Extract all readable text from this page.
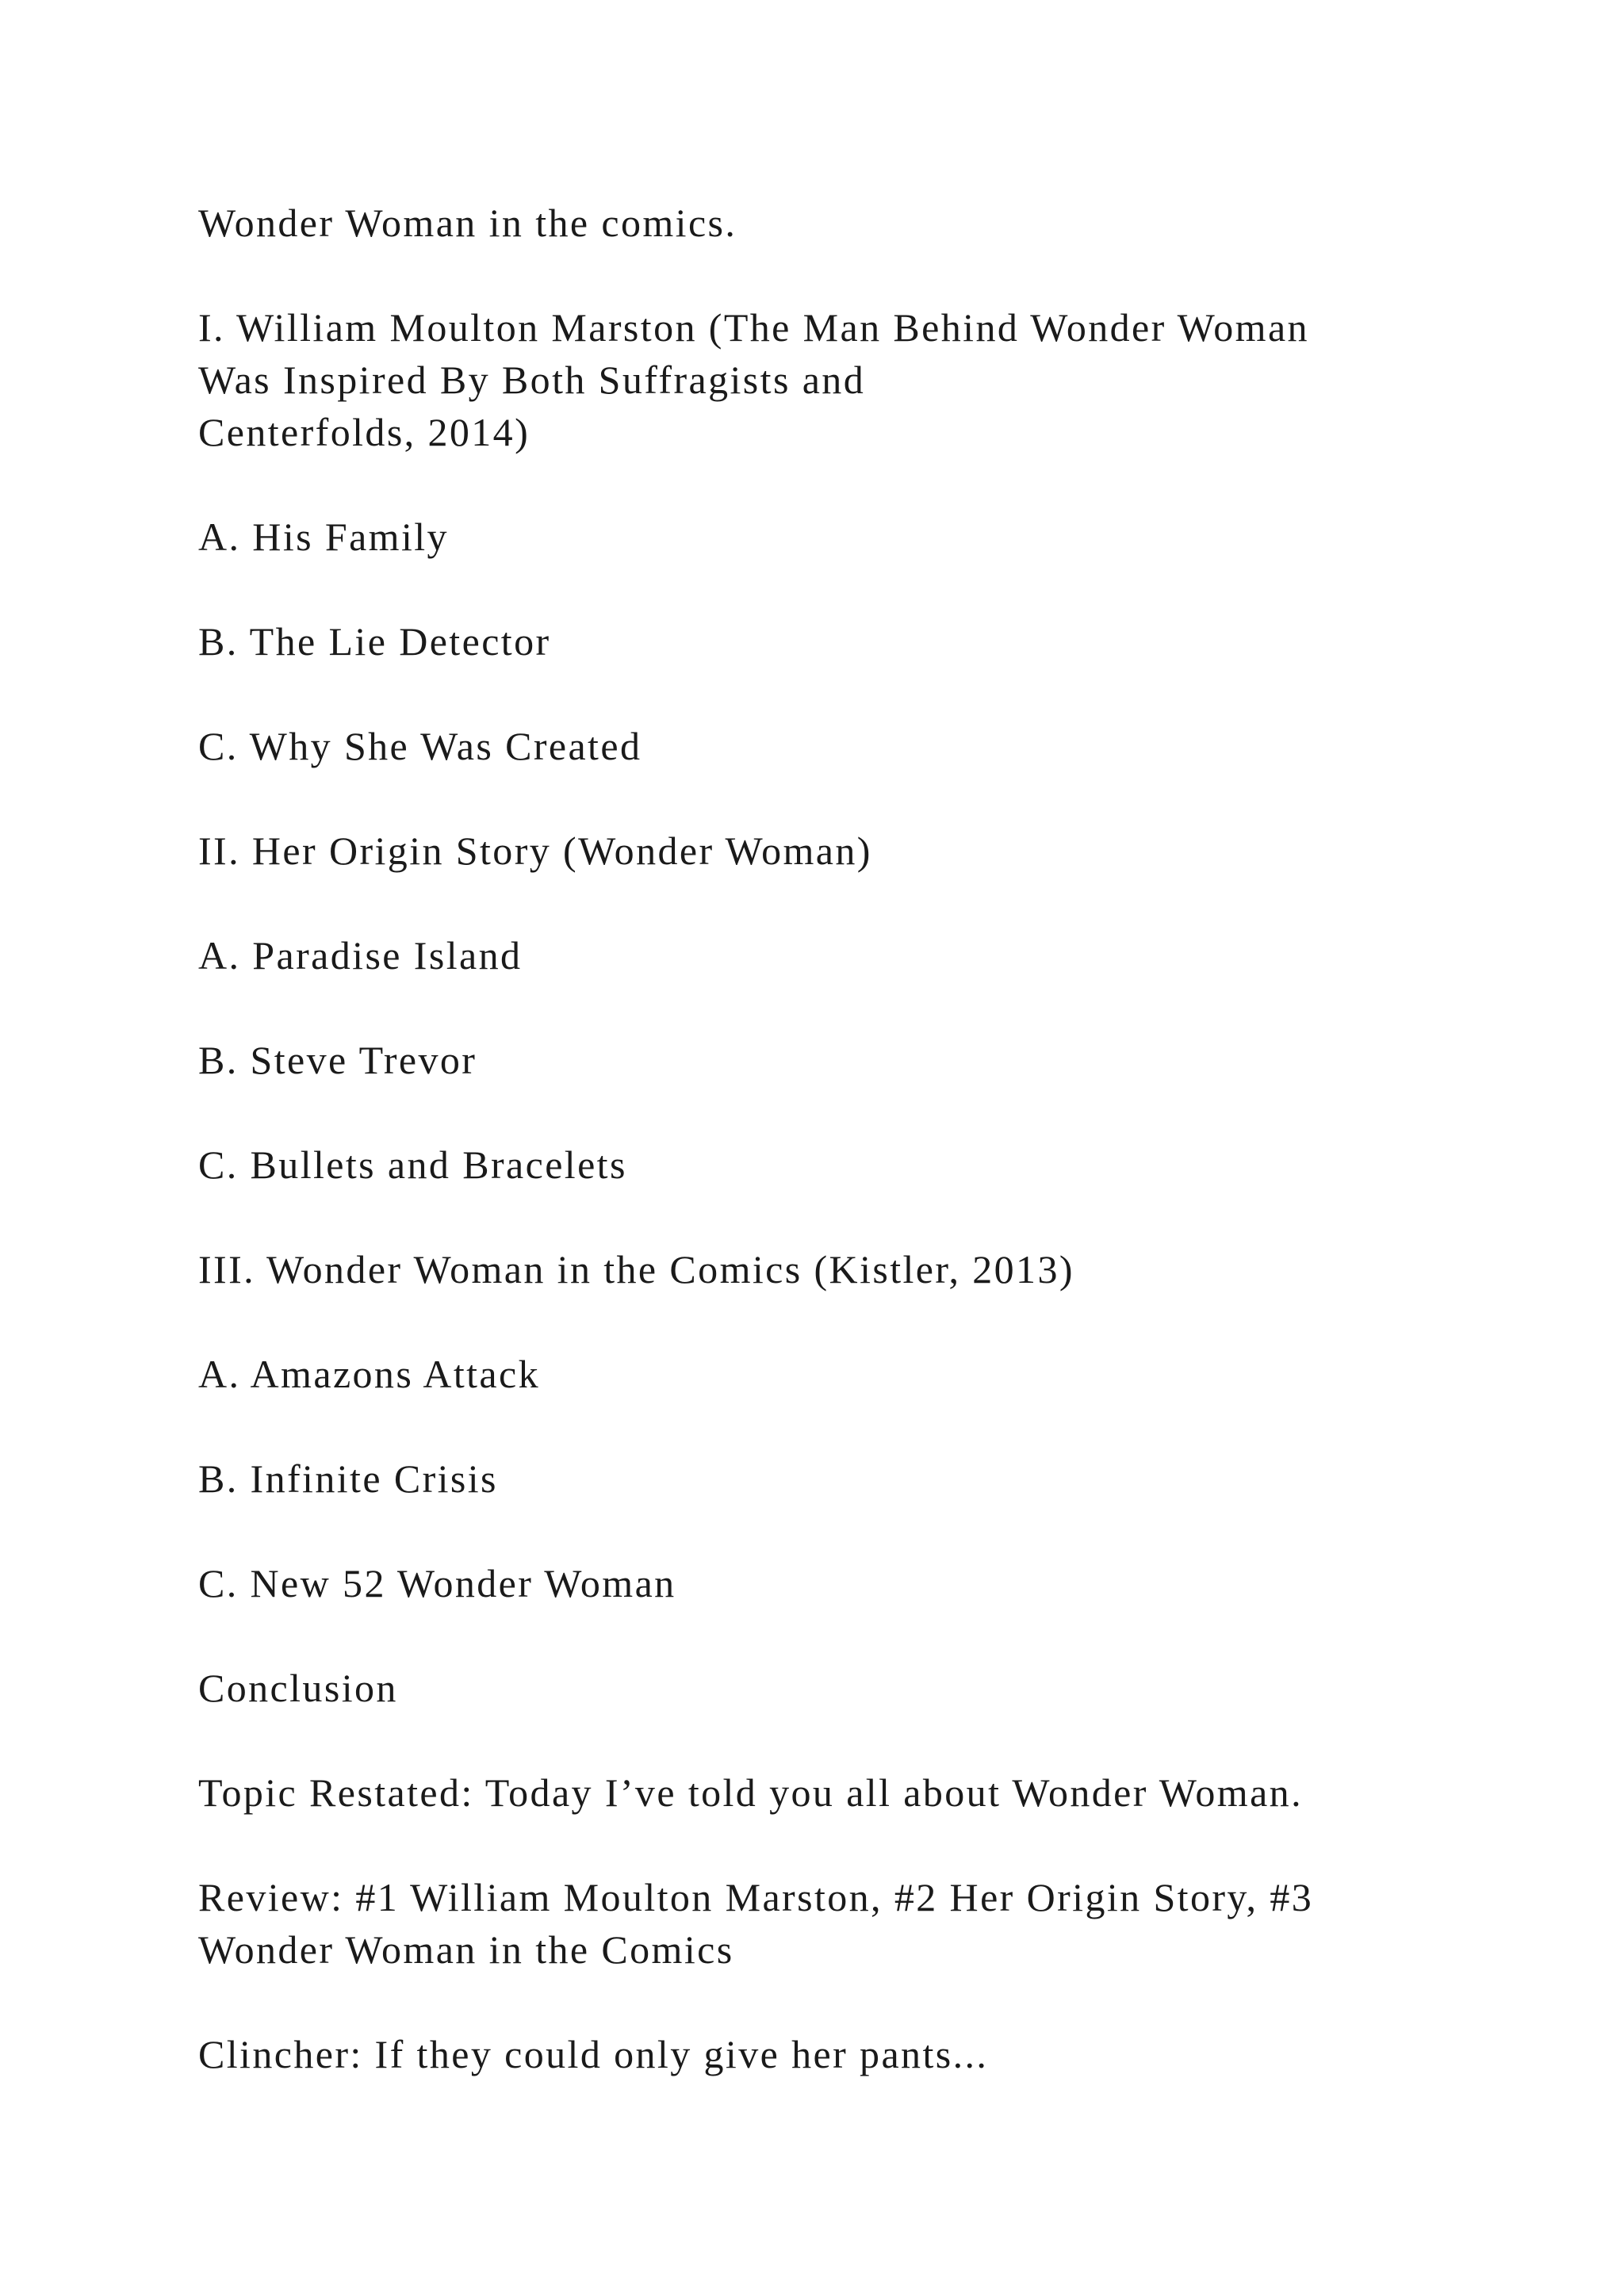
Wonder Woman in the comics.

I. William Moulton Marston (The Man Behind Wonder Woman

Was Inspired By Both Suffragists and

Centerfolds, 2014)

A. His Family

B. The Lie Detector

C. Why She Was Created

II. Her Origin Story (Wonder Woman)

A. Paradise Island

B. Steve Trevor

C. Bullets and Bracelets

III. Wonder Woman in the Comics (Kistler, 2013)

A. Amazons Attack

B. Infinite Crisis

C. New 52 Wonder Woman

Conclusion

Topic Restated: Today I’ve told you all about Wonder Woman.

Review: #1 William Moulton Marston, #2 Her Origin Story, #3

Wonder Woman in the Comics

Clincher: If they could only give her pants...
